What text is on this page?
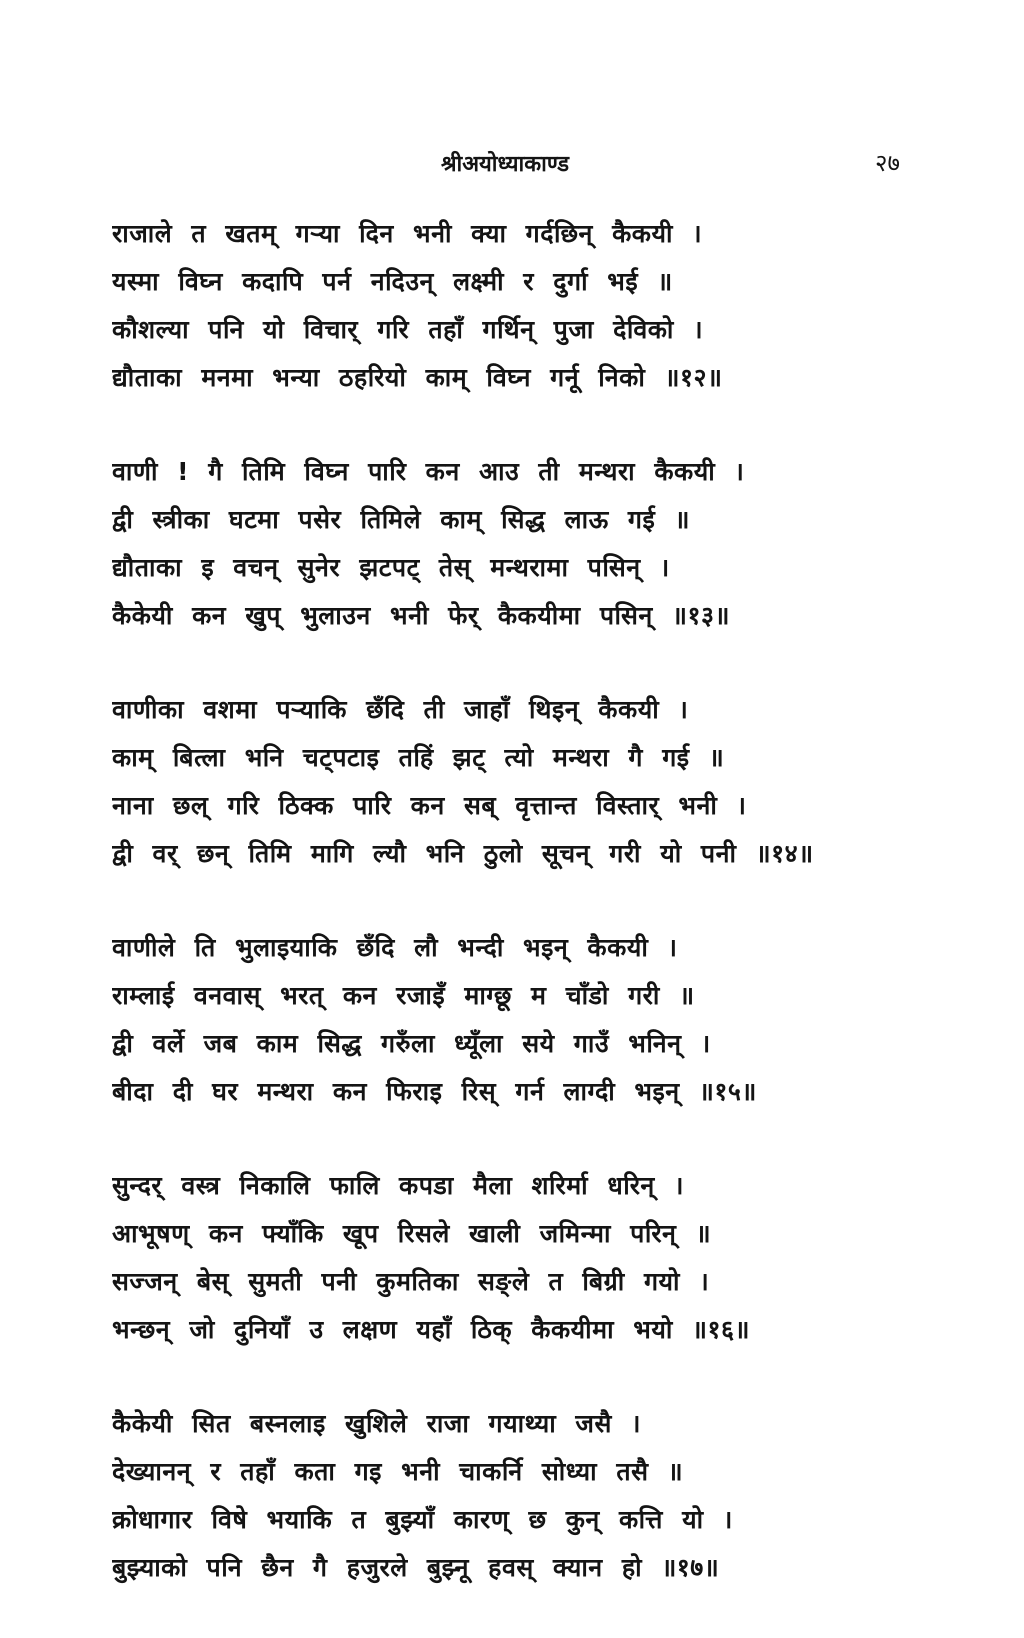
श्रीअयोध्याकाण्ड	२७
राजाले त खतम् गऱ्या दिन भनी क्या गर्दछिन् कैकयी ।
यस्मा विघ्न कदापि पर्न नदिउन् लक्ष्मी र दुर्गा भई ॥
कौशल्या पनि यो विचार् गरि तहाँ गर्थिन् पुजा देविको ।
द्यौताका मनमा भन्या ठहरियो काम् विघ्न गर्नू निको ॥१२॥
वाणी ! गै तिमि विघ्न पारि कन आउ ती मन्थरा कैकयी ।
द्वी स्त्रीका घटमा पसेर तिमिले काम् सिद्ध लाऊ गई ॥
द्यौताका इ वचन् सुनेर झटपट् तेस् मन्थरामा पसिन् ।
कैकेयी कन खुप् भुलाउन भनी फेर् कैकयीमा पसिन् ॥१३॥
वाणीका वशमा पऱ्याकि छँदि ती जाहाँ थिइन् कैकयी ।
काम् बित्ला भनि चट्पटाइ तहिं झट् त्यो मन्थरा गै गई ॥
नाना छल् गरि ठिक्क पारि कन सब् वृत्तान्त विस्तार् भनी ।
द्वी वर् छन् तिमि मागि ल्यौ भनि ठुलो सूचन् गरी यो पनी ॥१४॥
वाणीले ति भुलाइयाकि छँदि लौ भन्दी भइन् कैकयी ।
राम्लाई वनवास् भरत् कन रजाइँ माग्छू म चाँडो गरी ॥
द्वी वर्ले जब काम सिद्ध गरुँला ध्यूँला सये गाउँ भनिन् ।
बीदा दी घर मन्थरा कन फिराइ रिस् गर्न लाग्दी भइन् ॥१५॥
सुन्दर् वस्त्र निकालि फालि कपडा मैला शरिर्मा धरिन् ।
आभूषण् कन फ्याँकि खूप रिसले खाली जमिन्मा परिन् ॥
सज्जन् बेस् सुमती पनी कुमतिका सङ्ले त बिग्री गयो ।
भन्छन् जो दुनियाँ उ लक्षण यहाँ ठिक् कैकयीमा भयो ॥१६॥
कैकेयी सित बस्नलाइ खुशिले राजा गयाथ्या जसै ।
देख्यानन् र तहाँ कता गइ भनी चाकर्नि सोध्या तसै ॥
क्रोधागार विषे भयाकि त बुझ्याँ कारण् छ कुन् कत्ति यो ।
बुझ्याको पनि छैन गै हजुरले बुझ्नू हवस् क्यान हो ॥१७॥
